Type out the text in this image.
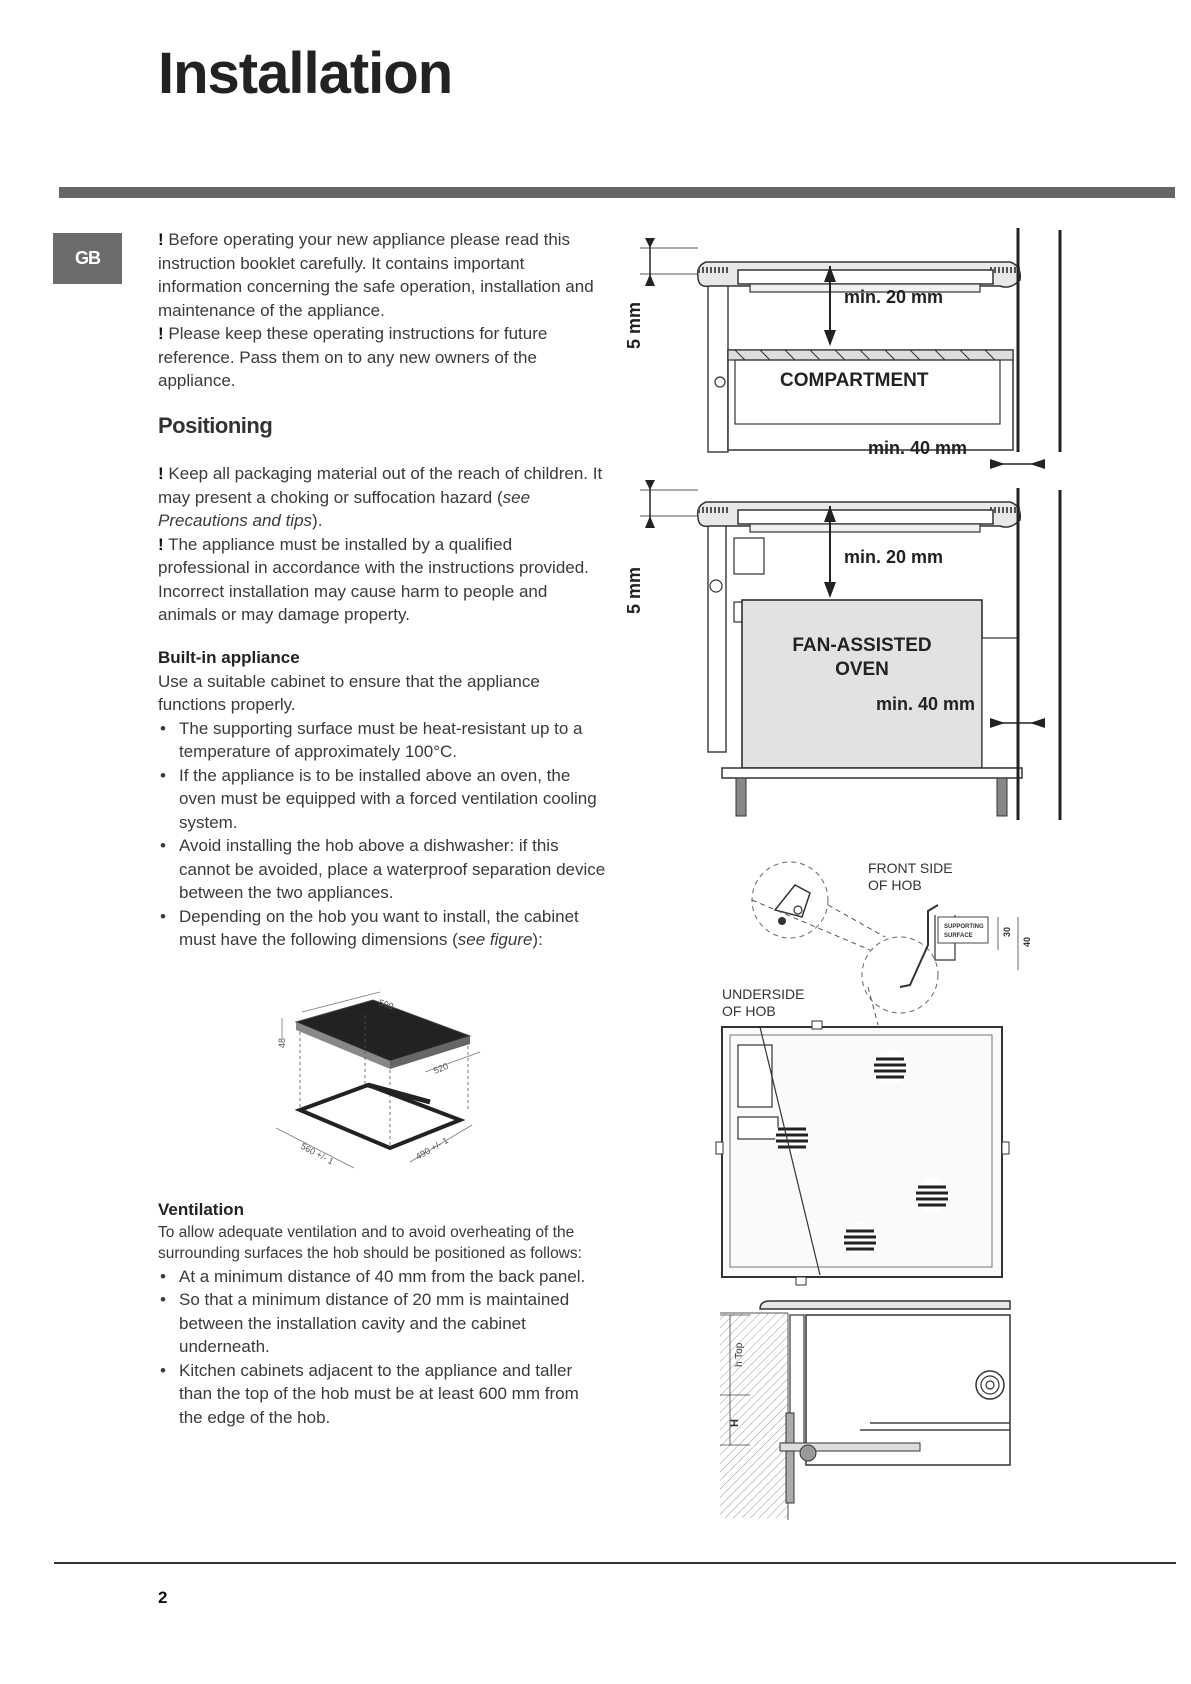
Installation
GB

! Before operating your new appliance please read this instruction booklet carefully. It contains important information concerning the safe operation, installation and maintenance of the appliance.

! Please keep these operating instructions for future reference. Pass them on to any new owners of the appliance.

Positioning

! Keep all packaging material out of the reach of children. It may present a choking or suffocation hazard (see Precautions and tips).

! The appliance must be installed by a qualified professional in accordance with the instructions provided. Incorrect installation may cause harm to people and animals or may damage property.

Built-in appliance

Use a suitable cabinet to ensure that the appliance functions properly.

• The supporting surface must be heat-resistant up to a temperature of approximately 100°C.
• If the appliance is to be installed above an oven, the oven must be equipped with a forced ventilation cooling system.
• Avoid installing the hob above a dishwasher: if this cannot be avoided, place a waterproof separation device between the two appliances.
• Depending on the hob you want to install, the cabinet must have the following dimensions (see figure):
590
48
520
560 +/- 1	490 +/- 1

Ventilation

To allow adequate ventilation and to avoid overheating of the surrounding surfaces the hob should be positioned as follows:

• At a minimum distance of 40 mm from the back panel.
• So that a minimum distance of 20 mm is maintained between the installation cavity and the cabinet underneath.
• Kitchen cabinets adjacent to the appliance and taller than the top of the hob must be at least 600 mm from the edge of the hob.
min. 20 mm
5 mm
COMPARTMENT
min. 40 mm
min. 20 mm
5 mm
FAN-ASSISTED
OVEN
min. 40 mm
FRONT SIDE
OF HOB
SUPPORTING
SURFACE	30
40
UNDERSIDE
OF HOB
h Top
H
2
